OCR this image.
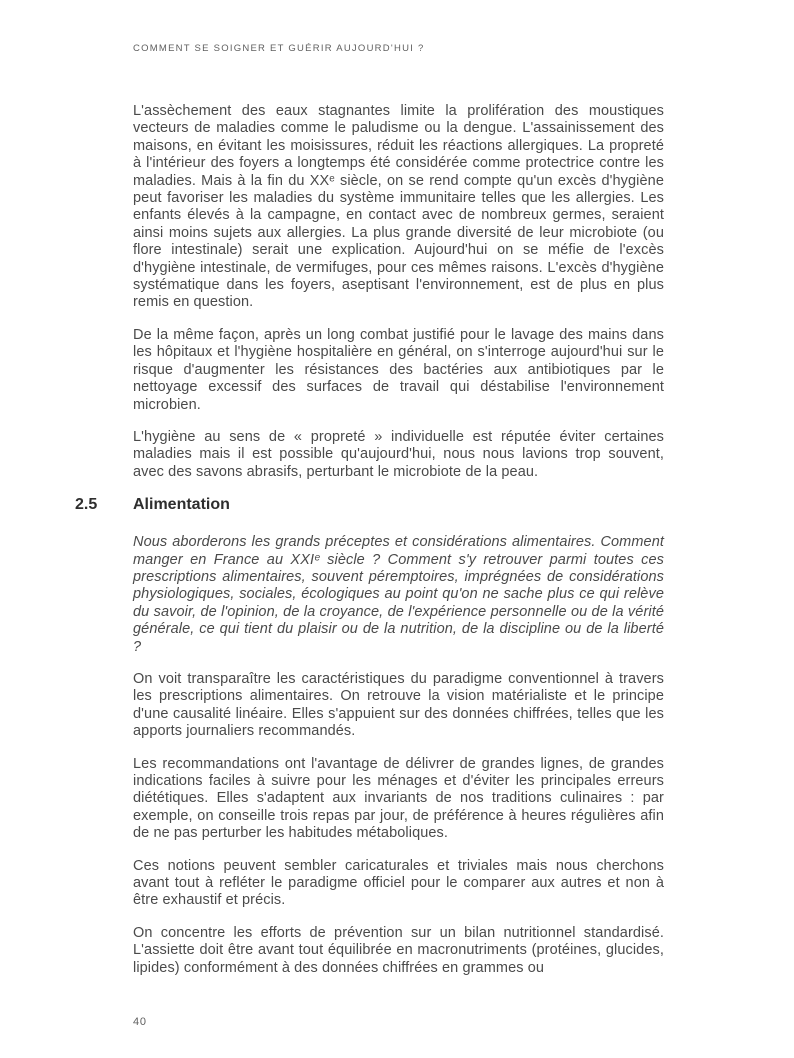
COMMENT SE SOIGNER ET GUÉRIR AUJOURD'HUI ?

L'assèchement des eaux stagnantes limite la prolifération des moustiques vecteurs de maladies comme le paludisme ou la dengue. L'assainissement des maisons, en évitant les moisissures, réduit les réactions allergiques. La propreté à l'intérieur des foyers a longtemps été considérée comme protectrice contre les maladies. Mais à la fin du XXᵉ siècle, on se rend compte qu'un excès d'hygiène peut favoriser les maladies du système immunitaire telles que les allergies. Les enfants élevés à la campagne, en contact avec de nombreux germes, seraient ainsi moins sujets aux allergies. La plus grande diversité de leur microbiote (ou flore intestinale) serait une explication. Aujourd'hui on se méfie de l'excès d'hygiène intestinale, de vermifuges, pour ces mêmes raisons. L'excès d'hygiène systématique dans les foyers, aseptisant l'environnement, est de plus en plus remis en question.

De la même façon, après un long combat justifié pour le lavage des mains dans les hôpitaux et l'hygiène hospitalière en général, on s'interroge aujourd'hui sur le risque d'augmenter les résistances des bactéries aux antibiotiques par le nettoyage excessif des surfaces de travail qui déstabilise l'environnement microbien.

L'hygiène au sens de « propreté » individuelle est réputée éviter certaines maladies mais il est possible qu'aujourd'hui, nous nous lavions trop souvent, avec des savons abrasifs, perturbant le microbiote de la peau.

2.5	Alimentation

Nous aborderons les grands préceptes et considérations alimentaires. Comment manger en France au XXIᵉ siècle ? Comment s'y retrouver parmi toutes ces prescriptions alimentaires, souvent péremptoires, imprégnées de considérations physiologiques, sociales, écologiques au point qu'on ne sache plus ce qui relève du savoir, de l'opinion, de la croyance, de l'expérience personnelle ou de la vérité générale, ce qui tient du plaisir ou de la nutrition, de la discipline ou de la liberté ?

On voit transparaître les caractéristiques du paradigme conventionnel à travers les prescriptions alimentaires. On retrouve la vision matérialiste et le principe d'une causalité linéaire. Elles s'appuient sur des données chiffrées, telles que les apports journaliers recommandés.

Les recommandations ont l'avantage de délivrer de grandes lignes, de grandes indications faciles à suivre pour les ménages et d'éviter les principales erreurs diététiques. Elles s'adaptent aux invariants de nos traditions culinaires : par exemple, on conseille trois repas par jour, de préférence à heures régulières afin de ne pas perturber les habitudes métaboliques.

Ces notions peuvent sembler caricaturales et triviales mais nous cherchons avant tout à refléter le paradigme officiel pour le comparer aux autres et non à être exhaustif et précis.

On concentre les efforts de prévention sur un bilan nutritionnel standardisé. L'assiette doit être avant tout équilibrée en macronutriments (protéines, glucides, lipides) conformément à des données chiffrées en grammes ou

40
